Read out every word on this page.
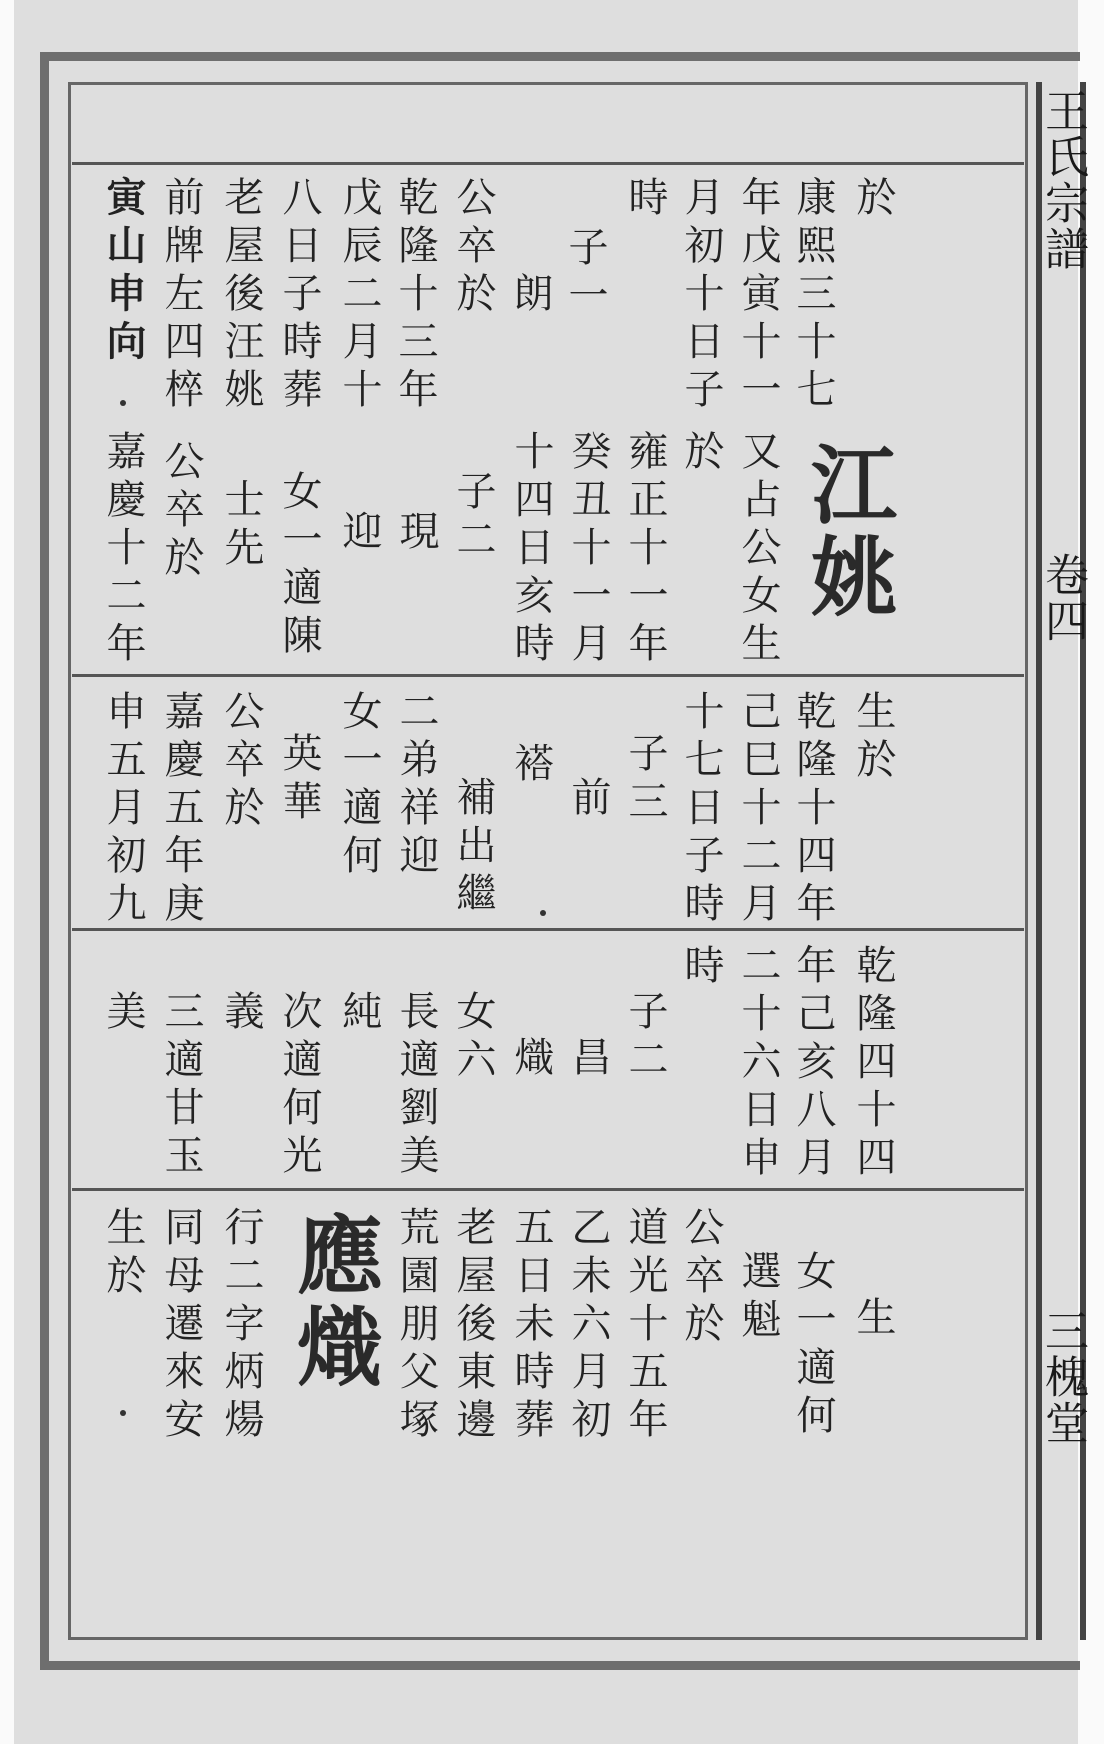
王氏宗譜
卷四
三槐堂
於
康熙三十七
年戊寅十一
月初十日子
時
子一
朗
公卒於
乾隆十三年
戊辰二月十
八日子時葬
老屋後汪姚
前牌左四椊
寅山申向
江姚
又占公女生
於
雍正十一年
癸丑十一月
十四日亥時
子二
現
迎
女一適陳
士先
公卒於
嘉慶十二年
生於
乾隆十四年
己巳十二月
十七日子時
子三
前
褡
補出繼
二弟祥迎
女一適何
英華
公卒於
嘉慶五年庚
申五月初九
乾隆四十四
年己亥八月
二十六日申
時
子二
昌
熾
女六
長適劉美
純
次適何光
義
三適甘玉
美
生
女一適何
選魁
公卒於
道光十五年
乙未六月初
五日未時葬
老屋後東邊
荒園朋父塚
應熾
行二字炳煬
同母遷來安
生於
